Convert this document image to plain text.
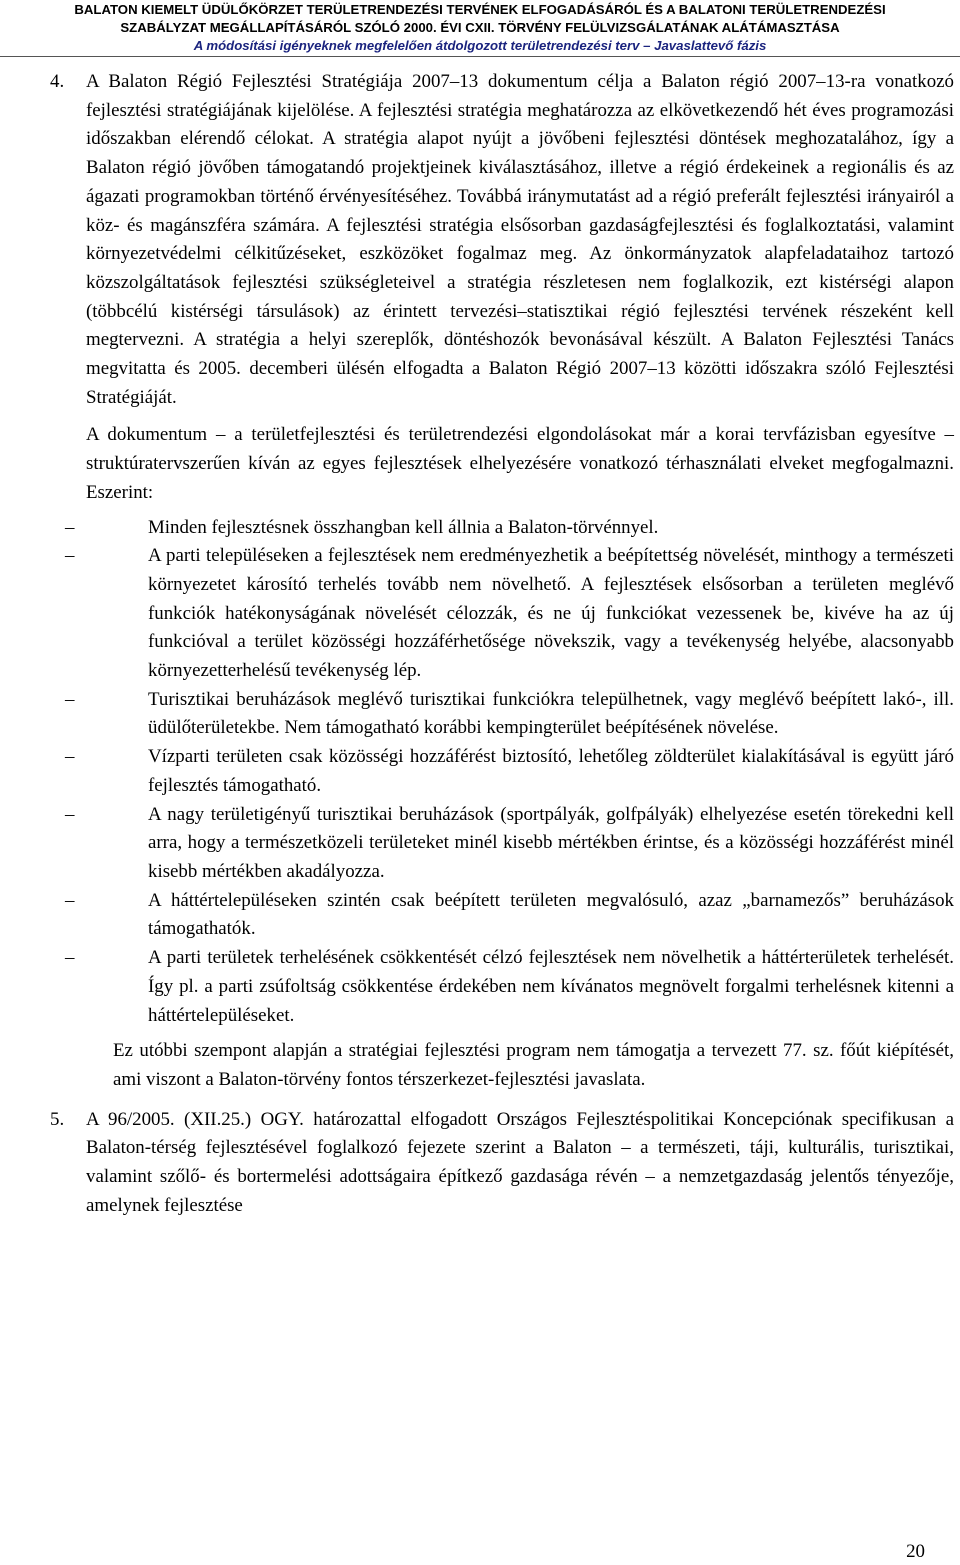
BALATON KIEMELT ÜDÜLŐKÖRZET TERÜLETRENDEZÉSI TERVÉNEK ELFOGADÁSÁRÓL ÉS A BALATONI TERÜLETRENDEZÉSI
SZABÁLYZAT MEGÁLLAPÍTÁSÁRÓL SZÓLÓ 2000. ÉVI CXII. TÖRVÉNY FELÜLVIZSGÁLATÁNAK ALÁTÁMASZTÁSA
A módosítási igényeknek megfelelően átdolgozott területrendezési terv – Javaslattevő fázis
4. A Balaton Régió Fejlesztési Stratégiája 2007–13 dokumentum célja a Balaton régió 2007–13-ra vonatkozó fejlesztési stratégiájának kijelölése. A fejlesztési stratégia meghatározza az elkövetkezendő hét éves programozási időszakban elérendő célokat. A stratégia alapot nyújt a jövőbeni fejlesztési döntések meghozatalához, így a Balaton régió jövőben támogatandó projektjeinek kiválasztásához, illetve a régió érdekeinek a regionális és az ágazati programokban történő érvényesítéséhez. Továbbá iránymutatást ad a régió preferált fejlesztési irányairól a köz- és magánszféra számára. A fejlesztési stratégia elsősorban gazdaságfejlesztési és foglalkoztatási, valamint környezetvédelmi célkitűzéseket, eszközöket fogalmaz meg. Az önkormányzatok alapfeladataihoz tartozó közszolgáltatások fejlesztési szükségleteivel a stratégia részletesen nem foglalkozik, ezt kistérségi alapon (többcélú kistérségi társulások) az érintett tervezési–statisztikai régió fejlesztési tervének részeként kell megtervezni. A stratégia a helyi szereplők, döntéshozók bevonásával készült. A Balaton Fejlesztési Tanács megvitatta és 2005. decemberi ülésén elfogadta a Balaton Régió 2007–13 közötti időszakra szóló Fejlesztési Stratégiáját.
A dokumentum – a területfejlesztési és területrendezési elgondolásokat már a korai tervfázisban egyesítve – struktúratervszerűen kíván az egyes fejlesztések elhelyezésére vonatkozó térhasználati elveket megfogalmazni. Eszerint:
–	Minden fejlesztésnek összhangban kell állnia a Balaton-törvénnyel.
–	A parti településeken a fejlesztések nem eredményezhetik a beépítettség növelését, minthogy a természeti környezetet károsító terhelés tovább nem növelhető. A fejlesztések elsősorban a területen meglévő funkciók hatékonyságának növelését célozzák, és ne új funkciókat vezessenek be, kivéve ha az új funkcióval a terület közösségi hozzáférhetősége növekszik, vagy a tevékenység helyébe, alacsonyabb környezetterhelésű tevékenység lép.
–	Turisztikai beruházások meglévő turisztikai funkciókra települhetnek, vagy meglévő beépített lakó-, ill. üdülőterületekbe. Nem támogatható korábbi kempingterület beépítésének növelése.
–	Vízparti területen csak közösségi hozzáférést biztosító, lehetőleg zöldterület kialakításával is együtt járó fejlesztés támogatható.
–	A nagy területigényű turisztikai beruházások (sportpályák, golfpályák) elhelyezése esetén törekedni kell arra, hogy a természetközeli területeket minél kisebb mértékben érintse, és a közösségi hozzáférést minél kisebb mértékben akadályozza.
–	A háttértelepüléseken szintén csak beépített területen megvalósuló, azaz „barnamezős” beruházások támogathatók.
–	A parti területek terhelésének csökkentését célzó fejlesztések nem növelhetik a háttérterületek terhelését. Így pl. a parti zsúfoltság csökkentése érdekében nem kívánatos megnövelt forgalmi terhelésnek kitenni a háttértelepüléseket.
Ez utóbbi szempont alapján a stratégiai fejlesztési program nem támogatja a tervezett 77. sz. főút kiépítését, ami viszont a Balaton-törvény fontos térszerkezet-fejlesztési javaslata.
5. A 96/2005. (XII.25.) OGY. határozattal elfogadott Országos Fejlesztéspolitikai Koncepciónak specifikusan a Balaton-térség fejlesztésével foglalkozó fejezete szerint a Balaton – a természeti, táji, kulturális, turisztikai, valamint szőlő- és bortermelési adottságaira építkező gazdasága révén – a nemzetgazdaság jelentős tényezője, amelynek fejlesztése
20
